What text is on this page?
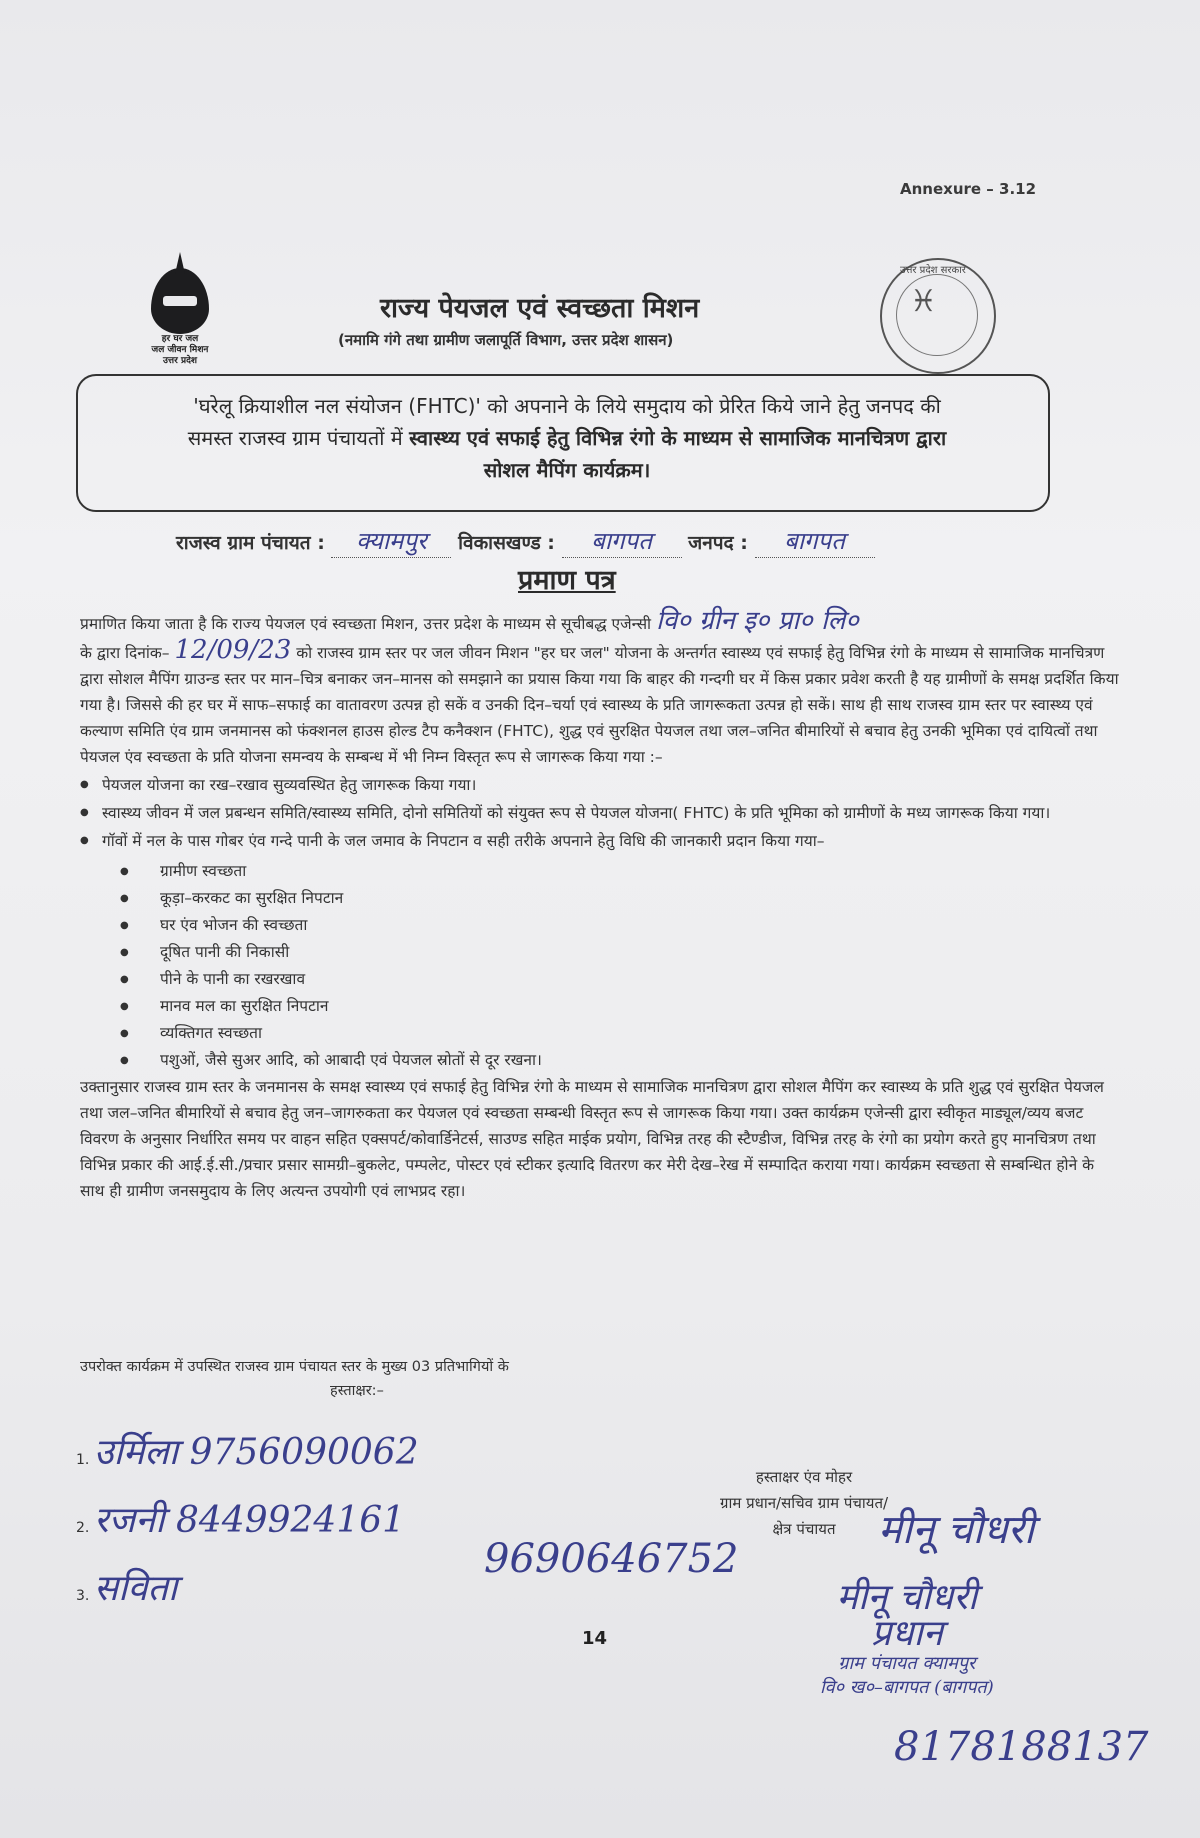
Annexure – 3.12
हर घर जल
जल जीवन मिशन
उत्तर प्रदेश
उत्तर प्रदेश सरकार
♓
राज्य पेयजल एवं स्वच्छता मिशन
(नमामि गंगे तथा ग्रामीण जलापूर्ति विभाग, उत्तर प्रदेश शासन)

'घरेलू क्रियाशील नल संयोजन (FHTC)' को अपनाने के लिये समुदाय को प्रेरित किये जाने हेतु जनपद की
समस्त राजस्व ग्राम पंचायतों में स्वास्थ्य एवं सफाई हेतु विभिन्न रंगो के माध्यम से सामाजिक मानचित्रण द्वारा
सोशल मैपिंग कार्यक्रम।

राजस्व ग्राम पंचायत : क्यामपुर विकासखण्ड : बागपत जनपद : बागपत
प्रमाण पत्र
प्रमाणित किया जाता है कि राज्य पेयजल एवं स्वच्छता मिशन, उत्तर प्रदेश के माध्यम से सूचीबद्ध एजेन्सी वि० ग्रीन इ० प्रा० लि०
के द्वारा दिनांक– 12/09/23 को राजस्व ग्राम स्तर पर जल जीवन मिशन "हर घर जल" योजना के अन्तर्गत स्वास्थ्य एवं सफाई हेतु विभिन्न रंगो के माध्यम से सामाजिक मानचित्रण द्वारा सोशल मैपिंग ग्राउन्ड स्तर पर मान–चित्र बनाकर जन–मानस को समझाने का प्रयास किया गया कि बाहर की गन्दगी घर में किस प्रकार प्रवेश करती है यह ग्रामीणों के समक्ष प्रदर्शित किया गया है। जिससे की हर घर में साफ–सफाई का वातावरण उत्पन्न हो सकें व उनकी दिन–चर्या एवं स्वास्थ्य के प्रति जागरूकता उत्पन्न हो सकें। साथ ही साथ राजस्व ग्राम स्तर पर स्वास्थ्य एवं कल्याण समिति एंव ग्राम जनमानस को फंक्शनल हाउस होल्ड टैप कनैक्शन (FHTC), शुद्ध एवं सुरक्षित पेयजल तथा जल–जनित बीमारियों से बचाव हेतु उनकी भूमिका एवं दायित्वों तथा पेयजल एंव स्वच्छता के प्रति योजना समन्वय के सम्बन्ध में भी निम्न विस्तृत रूप से जागरूक किया गया :–
● पेयजल योजना का रख–रखाव सुव्यवस्थित हेतु जागरूक किया गया।
● स्वास्थ्य जीवन में जल प्रबन्धन समिति/स्वास्थ्य समिति, दोनो समितियों को संयुक्त रूप से पेयजल योजना( FHTC) के प्रति भूमिका को ग्रामीणों के मध्य जागरूक किया गया।
● गॉवों में नल के पास गोबर एंव गन्दे पानी के जल जमाव के निपटान व सही तरीके अपनाने हेतु विधि की जानकारी प्रदान किया गया–
● ग्रामीण स्वच्छता
● कूड़ा–करकट का सुरक्षित निपटान
● घर एंव भोजन की स्वच्छता
● दूषित पानी की निकासी
● पीने के पानी का रखरखाव
● मानव मल का सुरक्षित निपटान
● व्यक्तिगत स्वच्छता
● पशुओं, जैसे सुअर आदि, को आबादी एवं पेयजल स्रोतों से दूर रखना।
उक्तानुसार राजस्व ग्राम स्तर के जनमानस के समक्ष स्वास्थ्य एवं सफाई हेतु विभिन्न रंगो के माध्यम से सामाजिक मानचित्रण द्वारा सोशल मैपिंग कर स्वास्थ्य के प्रति शुद्ध एवं सुरक्षित पेयजल तथा जल–जनित बीमारियों से बचाव हेतु जन–जागरुकता कर पेयजल एवं स्वच्छता सम्बन्धी विस्तृत रूप से जागरूक किया गया। उक्त कार्यक्रम एजेन्सी द्वारा स्वीकृत माड्यूल/व्यय बजट विवरण के अनुसार निर्धारित समय पर वाहन सहित एक्सपर्ट/कोवार्डिनेटर्स, साउण्ड सहित माईक प्रयोग, विभिन्न तरह की स्टैण्डीज, विभिन्न तरह के रंगो का प्रयोग करते हुए मानचित्रण तथा विभिन्न प्रकार की आई.ई.सी./प्रचार प्रसार सामग्री–बुकलेट, पम्पलेट, पोस्टर एवं स्टीकर इत्यादि वितरण कर मेरी देख–रेख में सम्पादित कराया गया। कार्यक्रम स्वच्छता से सम्बन्धित होने के साथ ही ग्रामीण जनसमुदाय के लिए अत्यन्त उपयोगी एवं लाभप्रद रहा।
उपरोक्त कार्यक्रम में उपस्थित राजस्व ग्राम पंचायत स्तर के मुख्य 03 प्रतिभागियों के
हस्ताक्षर:–
1. उर्मिला 9756090062
2. रजनी 8449924161
3. सविता
हस्ताक्षर एंव मोहर
ग्राम प्रधान/सचिव ग्राम पंचायत/
क्षेत्र पंचायत
9690646752
मीनू चौधरी
मीनू चौधरी
प्रधान
ग्राम पंचायत क्यामपुर
वि० ख०–बागपत (बागपत)
14
8178188137
